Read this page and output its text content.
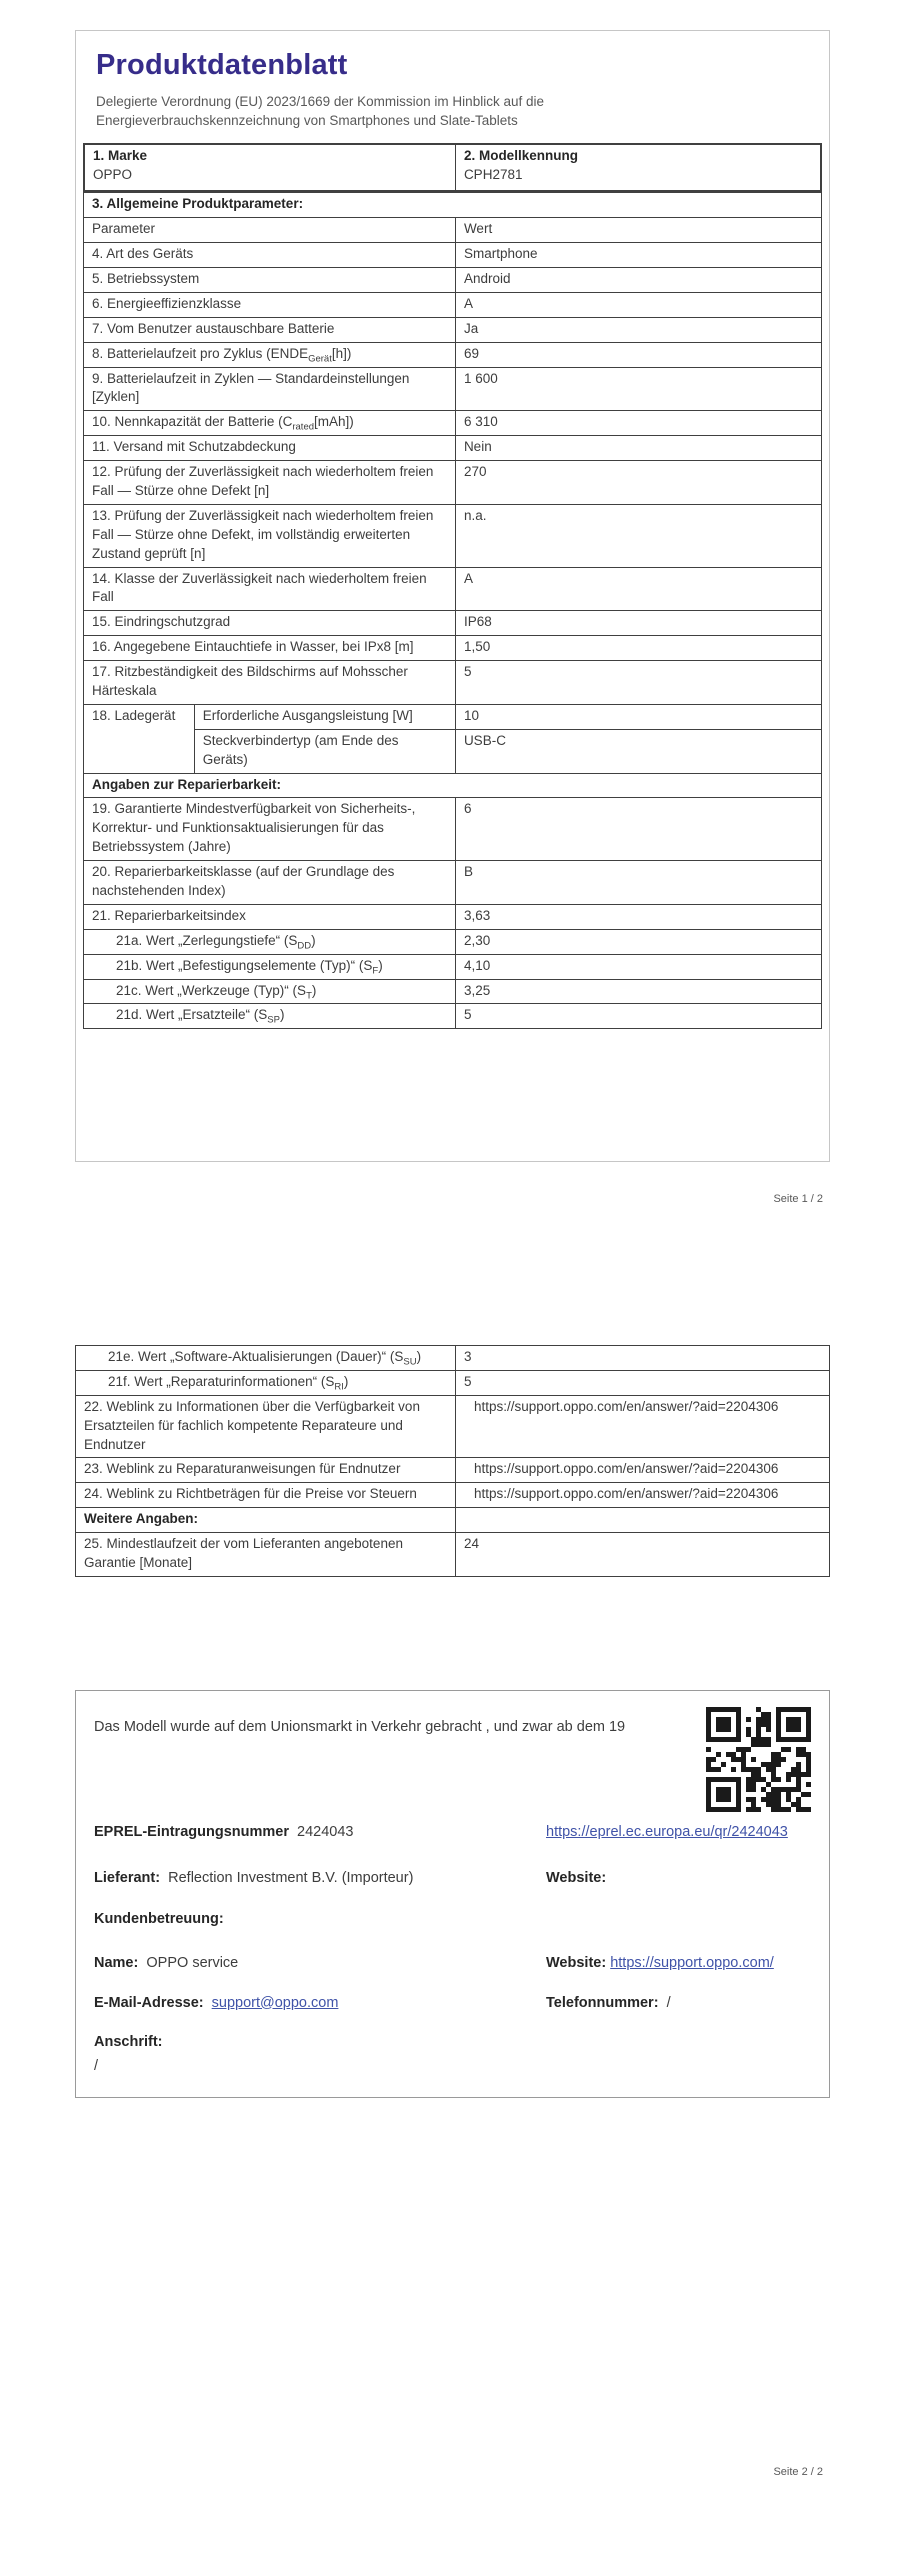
Produktdatenblatt
Delegierte Verordnung (EU) 2023/1669 der Kommission im Hinblick auf die Energieverbrauchskennzeichnung von Smartphones und Slate-Tablets
1. Marke
OPPO

2. Modellkennung
CPH2781
3. Allgemeine Produktparameter:		
Parameter		Wert
4. Art des Geräts		Smartphone
5. Betriebssystem		Android
6. Energieeffizienzklasse		A
7. Vom Benutzer austauschbare Batterie		Ja
8. Batterielaufzeit pro Zyklus $(ENDE_{Gerät}[h])$		69
9. Batterielaufzeit in Zyklen — Standardeinstellungen [Zyklen]		1 600
10. Nennkapazität der Batterie $(C_{rated}[mAh])$		6 310
11. Versand mit Schutzabdeckung		Nein
12. Prüfung der Zuverlässigkeit nach wiederholtem freien Fall — Stürze ohne Defekt [n]		270
13. Prüfung der Zuverlässigkeit nach wiederholtem freien Fall — Stürze ohne Defekt, im vollständig erweiterten Zustand geprüft [n]		n.a.
14. Klasse der Zuverlässigkeit nach wiederholtem freien Fall		A
15. Eindringschutzgrad		IP68
16. Angegebene Eintauchtiefe in Wasser, bei IPx8 [m]		1,50
17. Ritzbeständigkeit des Bildschirms auf Mohsscher Härteskala		5
18. Ladegerät	Erforderliche Ausgangsleistung [W]	10
	Steckverbindertyp (am Ende des Geräts)	USB-C
Angaben zur Reparierbarkeit:		
19. Garantierte Mindestverfügbarkeit von Sicherheits-, Korrektur- und Funktionsaktualisierungen für das Betriebssystem (Jahre)		6
20. Reparierbarkeitsklasse (auf der Grundlage des nachstehenden Index)		B
21. Reparierbarkeitsindex		3,63
21a. Wert „Zerlegungstiefe“ $(S_{DD})$		2,30
21b. Wert „Befestigungselemente (Typ)“ $(S_F)$		4,10
21c. Wert „Werkzeuge (Typ)“ $(S_T)$		3,25
21d. Wert „Ersatzteile“ $(S_{SP})$		5
Seite 1 / 2
21e. Wert „Software-Aktualisierungen (Dauer)“ $(S_{SU})$	3
21f. Wert „Reparaturinformationen“ $(S_{RI})$	5
22. Weblink zu Informationen über die Verfügbarkeit von Ersatzteilen für fachlich kompetente Reparateure und Endnutzer	https://support.oppo.com/en/answer/?aid=2204306
23. Weblink zu Reparaturanweisungen für Endnutzer	https://support.oppo.com/en/answer/?aid=2204306
24. Weblink zu Richtbeträgen für die Preise vor Steuern	https://support.oppo.com/en/answer/?aid=2204306
Weitere Angaben:	
25. Mindestlaufzeit der vom Lieferanten angebotenen Garantie [Monate]	24
Das Modell wurde auf dem Unionsmarkt in Verkehr gebracht , und zwar ab dem 19
EPREL-Eintragungsnummer 2424043	https://eprel.ec.europa.eu/qr/2424043
Lieferant: Reflection Investment B.V. (Importeur)	Website:
Kundenbetreuung:
Name: OPPO service	Website: https://support.oppo.com/
E-Mail-Adresse: support@oppo.com	Telefonnummer: /
Anschrift:
/
Seite 2 / 2
